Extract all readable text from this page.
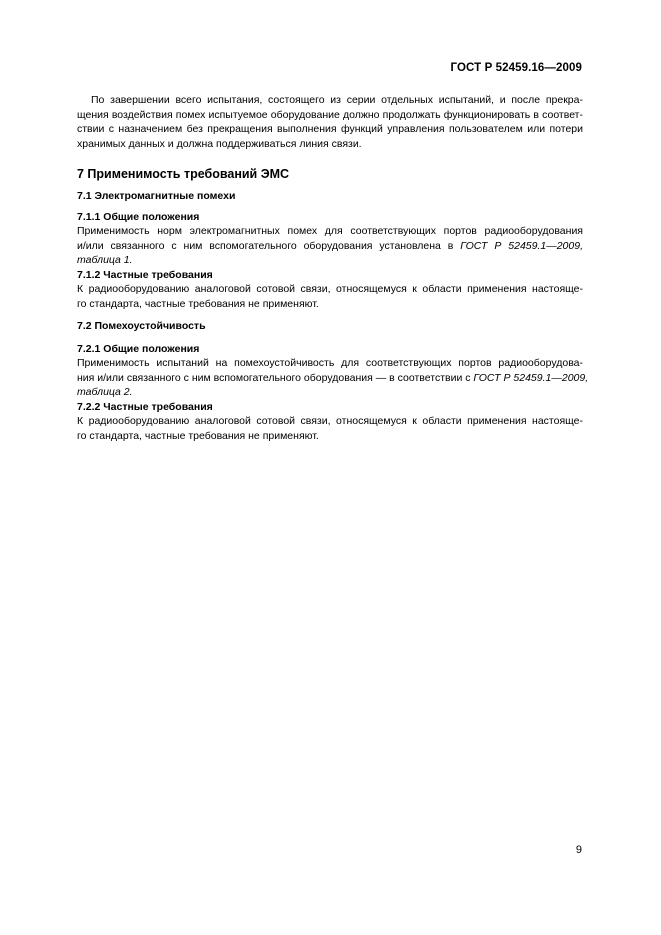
ГОСТ Р 52459.16—2009
По завершении всего испытания, состоящего из серии отдельных испытаний, и после прекра-
щения воздействия помех испытуемое оборудование должно продолжать функционировать в соответ-
ствии с назначением без прекращения выполнения функций управления пользователем или потери
хранимых данных и должна поддерживаться линия связи.
7 Применимость требований ЭМС
7.1 Электромагнитные помехи
7.1.1 Общие положения
Применимость норм электромагнитных помех для соответствующих портов радиооборудования
и/или связанного с ним вспомогательного оборудования установлена в ГОСТ Р 52459.1—2009,
таблица 1.
7.1.2 Частные требования
К радиооборудованию аналоговой сотовой связи, относящемуся к области применения настояще-
го стандарта, частные требования не применяют.
7.2 Помехоустойчивость
7.2.1 Общие положения
Применимость испытаний на помехоустойчивость для соответствующих портов радиооборудова-
ния и/или связанного с ним вспомогательного оборудования — в соответствии с ГОСТ Р 52459.1—2009,
таблица 2.
7.2.2 Частные требования
К радиооборудованию аналоговой сотовой связи, относящемуся к области применения настояще-
го стандарта, частные требования не применяют.
9
